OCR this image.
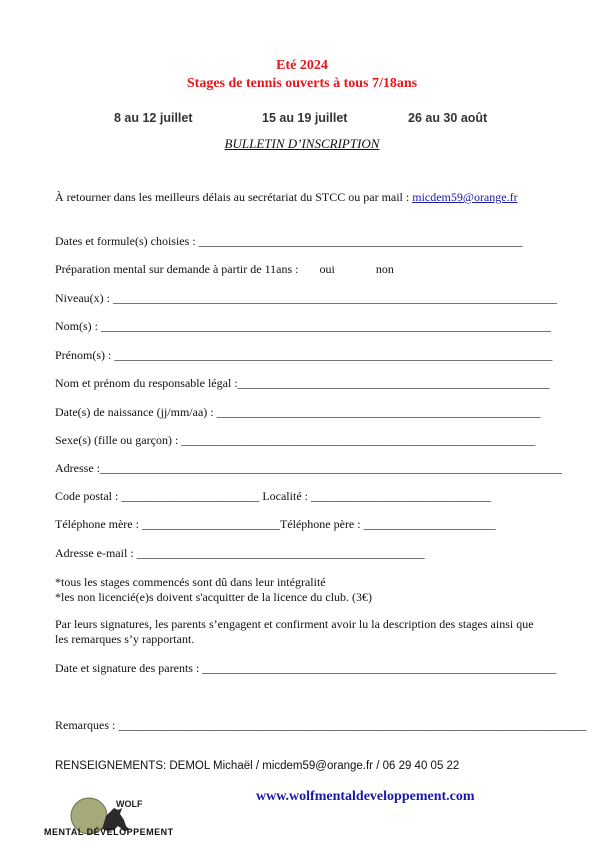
Eté 2024
Stages de tennis ouverts à tous 7/18ans
8 au 12 juillet	15 au 19 juillet	26 au 30 août
BULLETIN D’INSCRIPTION
À retourner dans les meilleurs délais au secrétariat du STCC ou par mail : micdem59@orange.fr
Dates et formule(s) choisies : ______________________________________________________
Préparation mental sur demande à partir de 11ans : oui	non
Niveau(x) : __________________________________________________________________________
Nom(s) : ___________________________________________________________________________
Prénom(s) : _________________________________________________________________________
Nom et prénom du responsable légal :____________________________________________________
Date(s) de naissance (jj/mm/aa) : ______________________________________________________
Sexe(s) (fille ou garçon) : ___________________________________________________________
Adresse :_____________________________________________________________________________
Code postal : _______________________ Localité : ______________________________
Téléphone mère : _______________________Téléphone père : ______________________
Adresse e-mail : ________________________________________________
*tous les stages commencés sont dû dans leur intégralité
*les non licencié(e)s doivent s'acquitter de la licence du club. (3€)
Par leurs signatures, les parents s’engagent et confirment avoir lu la description des stages ainsi que
les remarques s’y rapportant.
Date et signature des parents : ___________________________________________________________
Remarques : ______________________________________________________________________________
RENSEIGNEMENTS: DEMOL Michaël / micdem59@orange.fr / 06 29 40 05 22
www.wolfmentaldeveloppement.com
WOLF
MENTAL DÉVELOPPEMENT
